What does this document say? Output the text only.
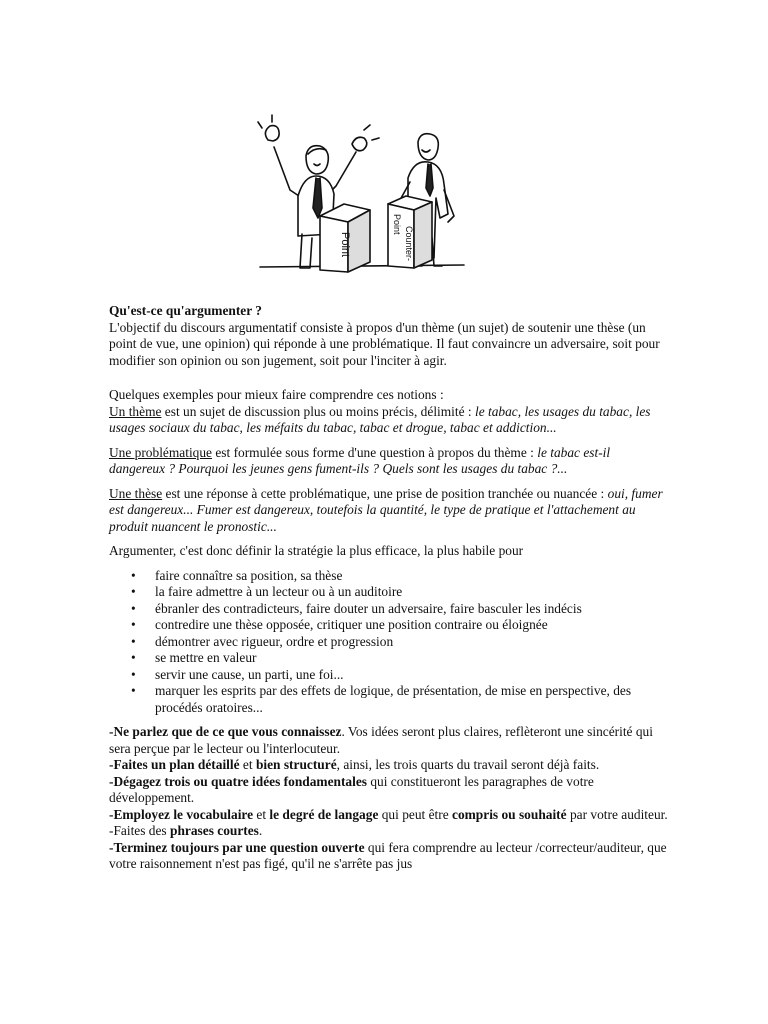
Point	Counter-
Point

Qu'est-ce qu'argumenter ?

L'objectif du discours argumentatif consiste à propos d'un thème (un sujet) de soutenir une thèse (un point de vue, une opinion) qui réponde à une problématique. Il faut convaincre un adversaire, soit pour modifier son opinion ou son jugement, soit pour l'inciter à agir.

Quelques exemples pour mieux faire comprendre ces notions :

Un thème est un sujet de discussion plus ou moins précis, délimité : le tabac, les usages du tabac, les usages sociaux du tabac, les méfaits du tabac, tabac et drogue, tabac et addiction...

Une problématique est formulée sous forme d'une question à propos du thème : le tabac est-il dangereux ? Pourquoi les jeunes gens fument-ils ? Quels sont les usages du tabac ?...

Une thèse est une réponse à cette problématique, une prise de position tranchée ou nuancée : oui, fumer est dangereux... Fumer est dangereux, toutefois la quantité, le type de pratique et l'attachement au produit nuancent le pronostic...

Argumenter, c'est donc définir la stratégie la plus efficace, la plus habile pour

• faire connaître sa position, sa thèse
• la faire admettre à un lecteur ou à un auditoire
• ébranler des contradicteurs, faire douter un adversaire, faire basculer les indécis
• contredire une thèse opposée, critiquer une position contraire ou éloignée
• démontrer avec rigueur, ordre et progression
• se mettre en valeur
• servir une cause, un parti, une foi...
• marquer les esprits par des effets de logique, de présentation, de mise en perspective, des procédés oratoires...

-Ne parlez que de ce que vous connaissez. Vos idées seront plus claires, reflèteront une sincérité qui sera perçue par le lecteur ou l'interlocuteur.

-Faites un plan détaillé et bien structuré, ainsi, les trois quarts du travail seront déjà faits.

-Dégagez trois ou quatre idées fondamentales qui constitueront les paragraphes de votre développement.

-Employez le vocabulaire et le degré de langage qui peut être compris ou souhaité par votre auditeur.

-Faites des phrases courtes.

-Terminez toujours par une question ouverte qui fera comprendre au lecteur /correcteur/auditeur, que votre raisonnement n'est pas figé, qu'il ne s'arrête pas jus
